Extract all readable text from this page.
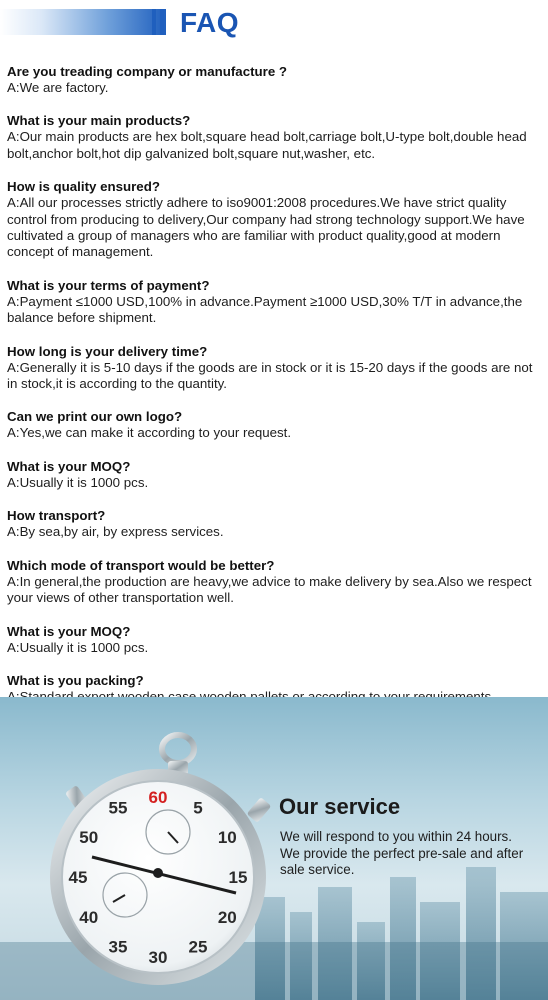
FAQ
Are you treading company or manufacture ?
A:We are factory.
What is your main products?
A:Our main products are hex bolt,square head bolt,carriage bolt,U-type bolt,double head bolt,anchor bolt,hot dip galvanized bolt,square nut,washer, etc.
How is quality ensured?
A:All our processes strictly adhere to iso9001:2008 procedures.We have strict quality control from producing to delivery,Our company had strong technology support.We have cultivated a group of managers who are familiar with product quality,good at modern concept of management.
What is your terms of payment?
A:Payment ≤1000 USD,100% in advance.Payment ≥1000 USD,30% T/T in advance,the balance before shipment.
How long is your delivery time?
A:Generally it is 5-10 days if the goods are in stock or it is 15-20 days if the goods are not in stock,it is according to the quantity.
Can we print our own logo?
A:Yes,we can make it according to your request.
What is your MOQ?
A:Usually it is 1000 pcs.
How transport?
A:By sea,by air, by express services.
Which mode of transport would be better?
A:In general,the production are heavy,we advice to make delivery by sea.Also we respect your views of other transportation well.
What is your MOQ?
A:Usually it is 1000 pcs.
What is you packing?
55
60
5
10
15
20
25
30
35
40
45
50
Our service
We will respond to you within 24 hours.
We provide the perfect pre-sale and after sale service.
